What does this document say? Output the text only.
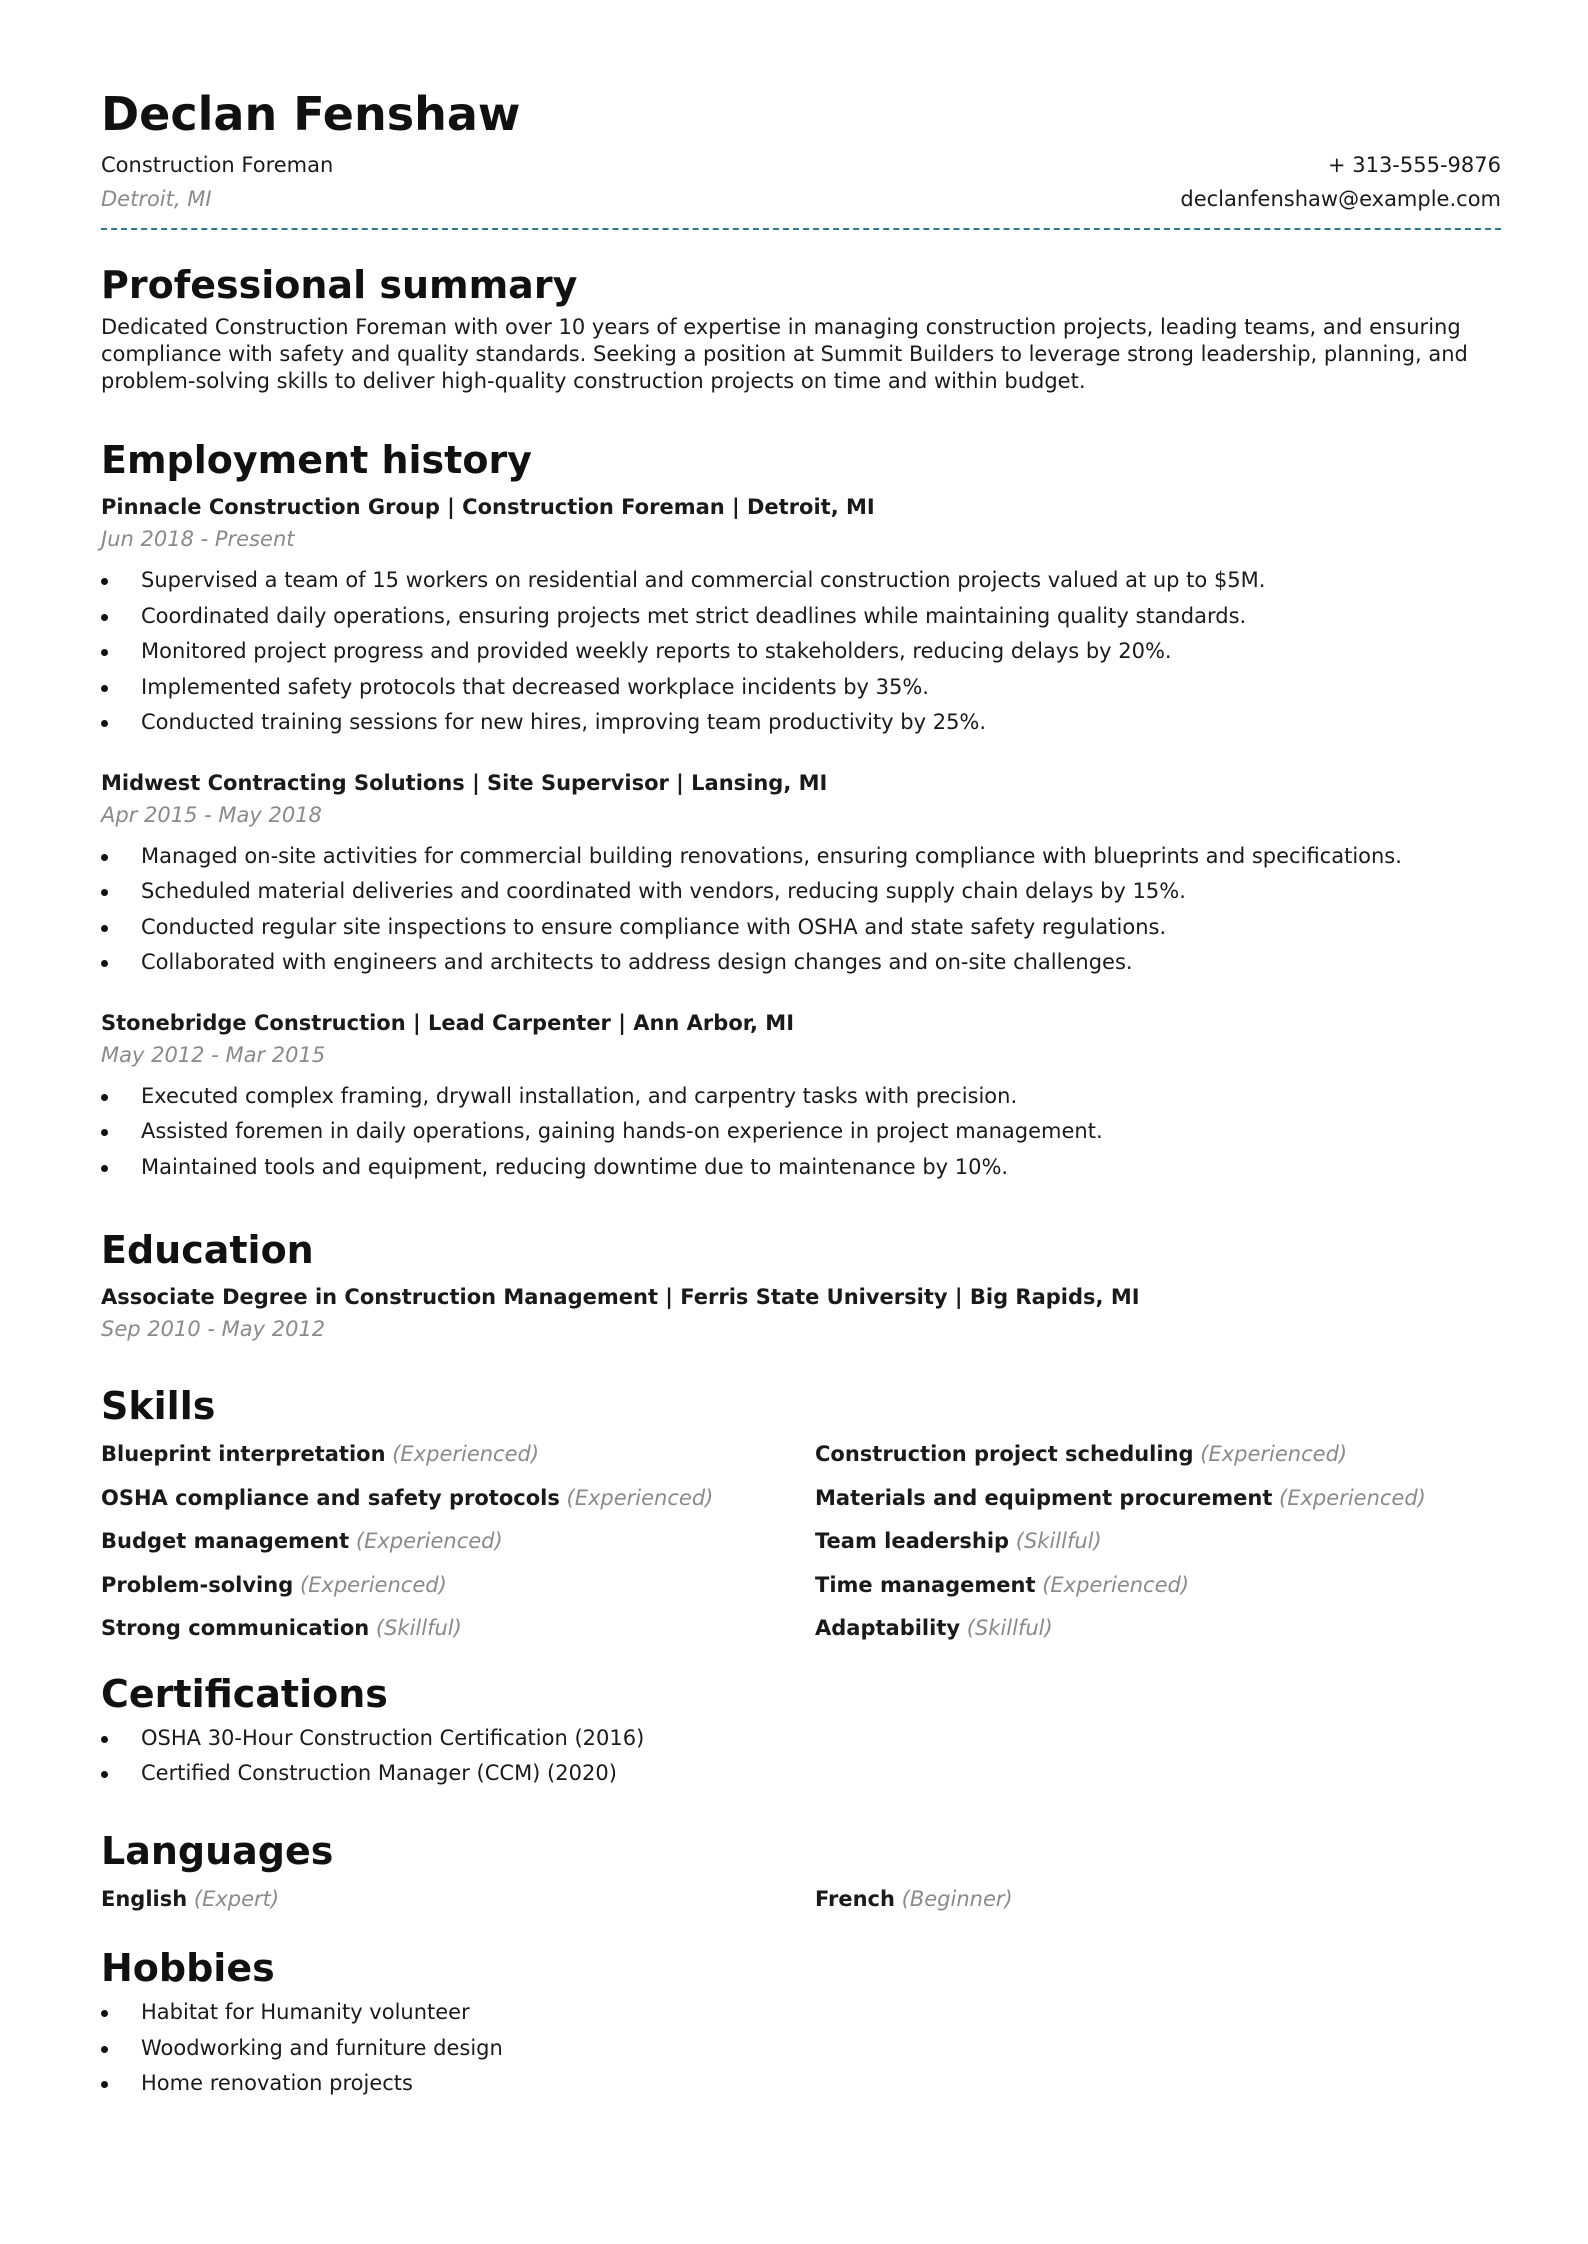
Declan Fenshaw
Construction Foreman	+ 313-555-9876
Detroit, MI	declanfenshaw@example.com
Professional summary
Dedicated Construction Foreman with over 10 years of expertise in managing construction projects, leading teams, and ensuring compliance with safety and quality standards. Seeking a position at Summit Builders to leverage strong leadership, planning, and problem-solving skills to deliver high-quality construction projects on time and within budget.
Employment history
Pinnacle Construction Group | Construction Foreman | Detroit, MI
Jun 2018 - Present
Supervised a team of 15 workers on residential and commercial construction projects valued at up to $5M.
Coordinated daily operations, ensuring projects met strict deadlines while maintaining quality standards.
Monitored project progress and provided weekly reports to stakeholders, reducing delays by 20%.
Implemented safety protocols that decreased workplace incidents by 35%.
Conducted training sessions for new hires, improving team productivity by 25%.
Midwest Contracting Solutions | Site Supervisor | Lansing, MI
Apr 2015 - May 2018
Managed on-site activities for commercial building renovations, ensuring compliance with blueprints and specifications.
Scheduled material deliveries and coordinated with vendors, reducing supply chain delays by 15%.
Conducted regular site inspections to ensure compliance with OSHA and state safety regulations.
Collaborated with engineers and architects to address design changes and on-site challenges.
Stonebridge Construction | Lead Carpenter | Ann Arbor, MI
May 2012 - Mar 2015
Executed complex framing, drywall installation, and carpentry tasks with precision.
Assisted foremen in daily operations, gaining hands-on experience in project management.
Maintained tools and equipment, reducing downtime due to maintenance by 10%.
Education
Associate Degree in Construction Management | Ferris State University | Big Rapids, MI
Sep 2010 - May 2012
Skills
Blueprint interpretation (Experienced)	Construction project scheduling (Experienced)
OSHA compliance and safety protocols (Experienced)	Materials and equipment procurement (Experienced)
Budget management (Experienced)	Team leadership (Skillful)
Problem-solving (Experienced)	Time management (Experienced)
Strong communication (Skillful)	Adaptability (Skillful)
Certifications
OSHA 30-Hour Construction Certification (2016)
Certified Construction Manager (CCM) (2020)
Languages
English (Expert)	French (Beginner)
Hobbies
Habitat for Humanity volunteer
Woodworking and furniture design
Home renovation projects
